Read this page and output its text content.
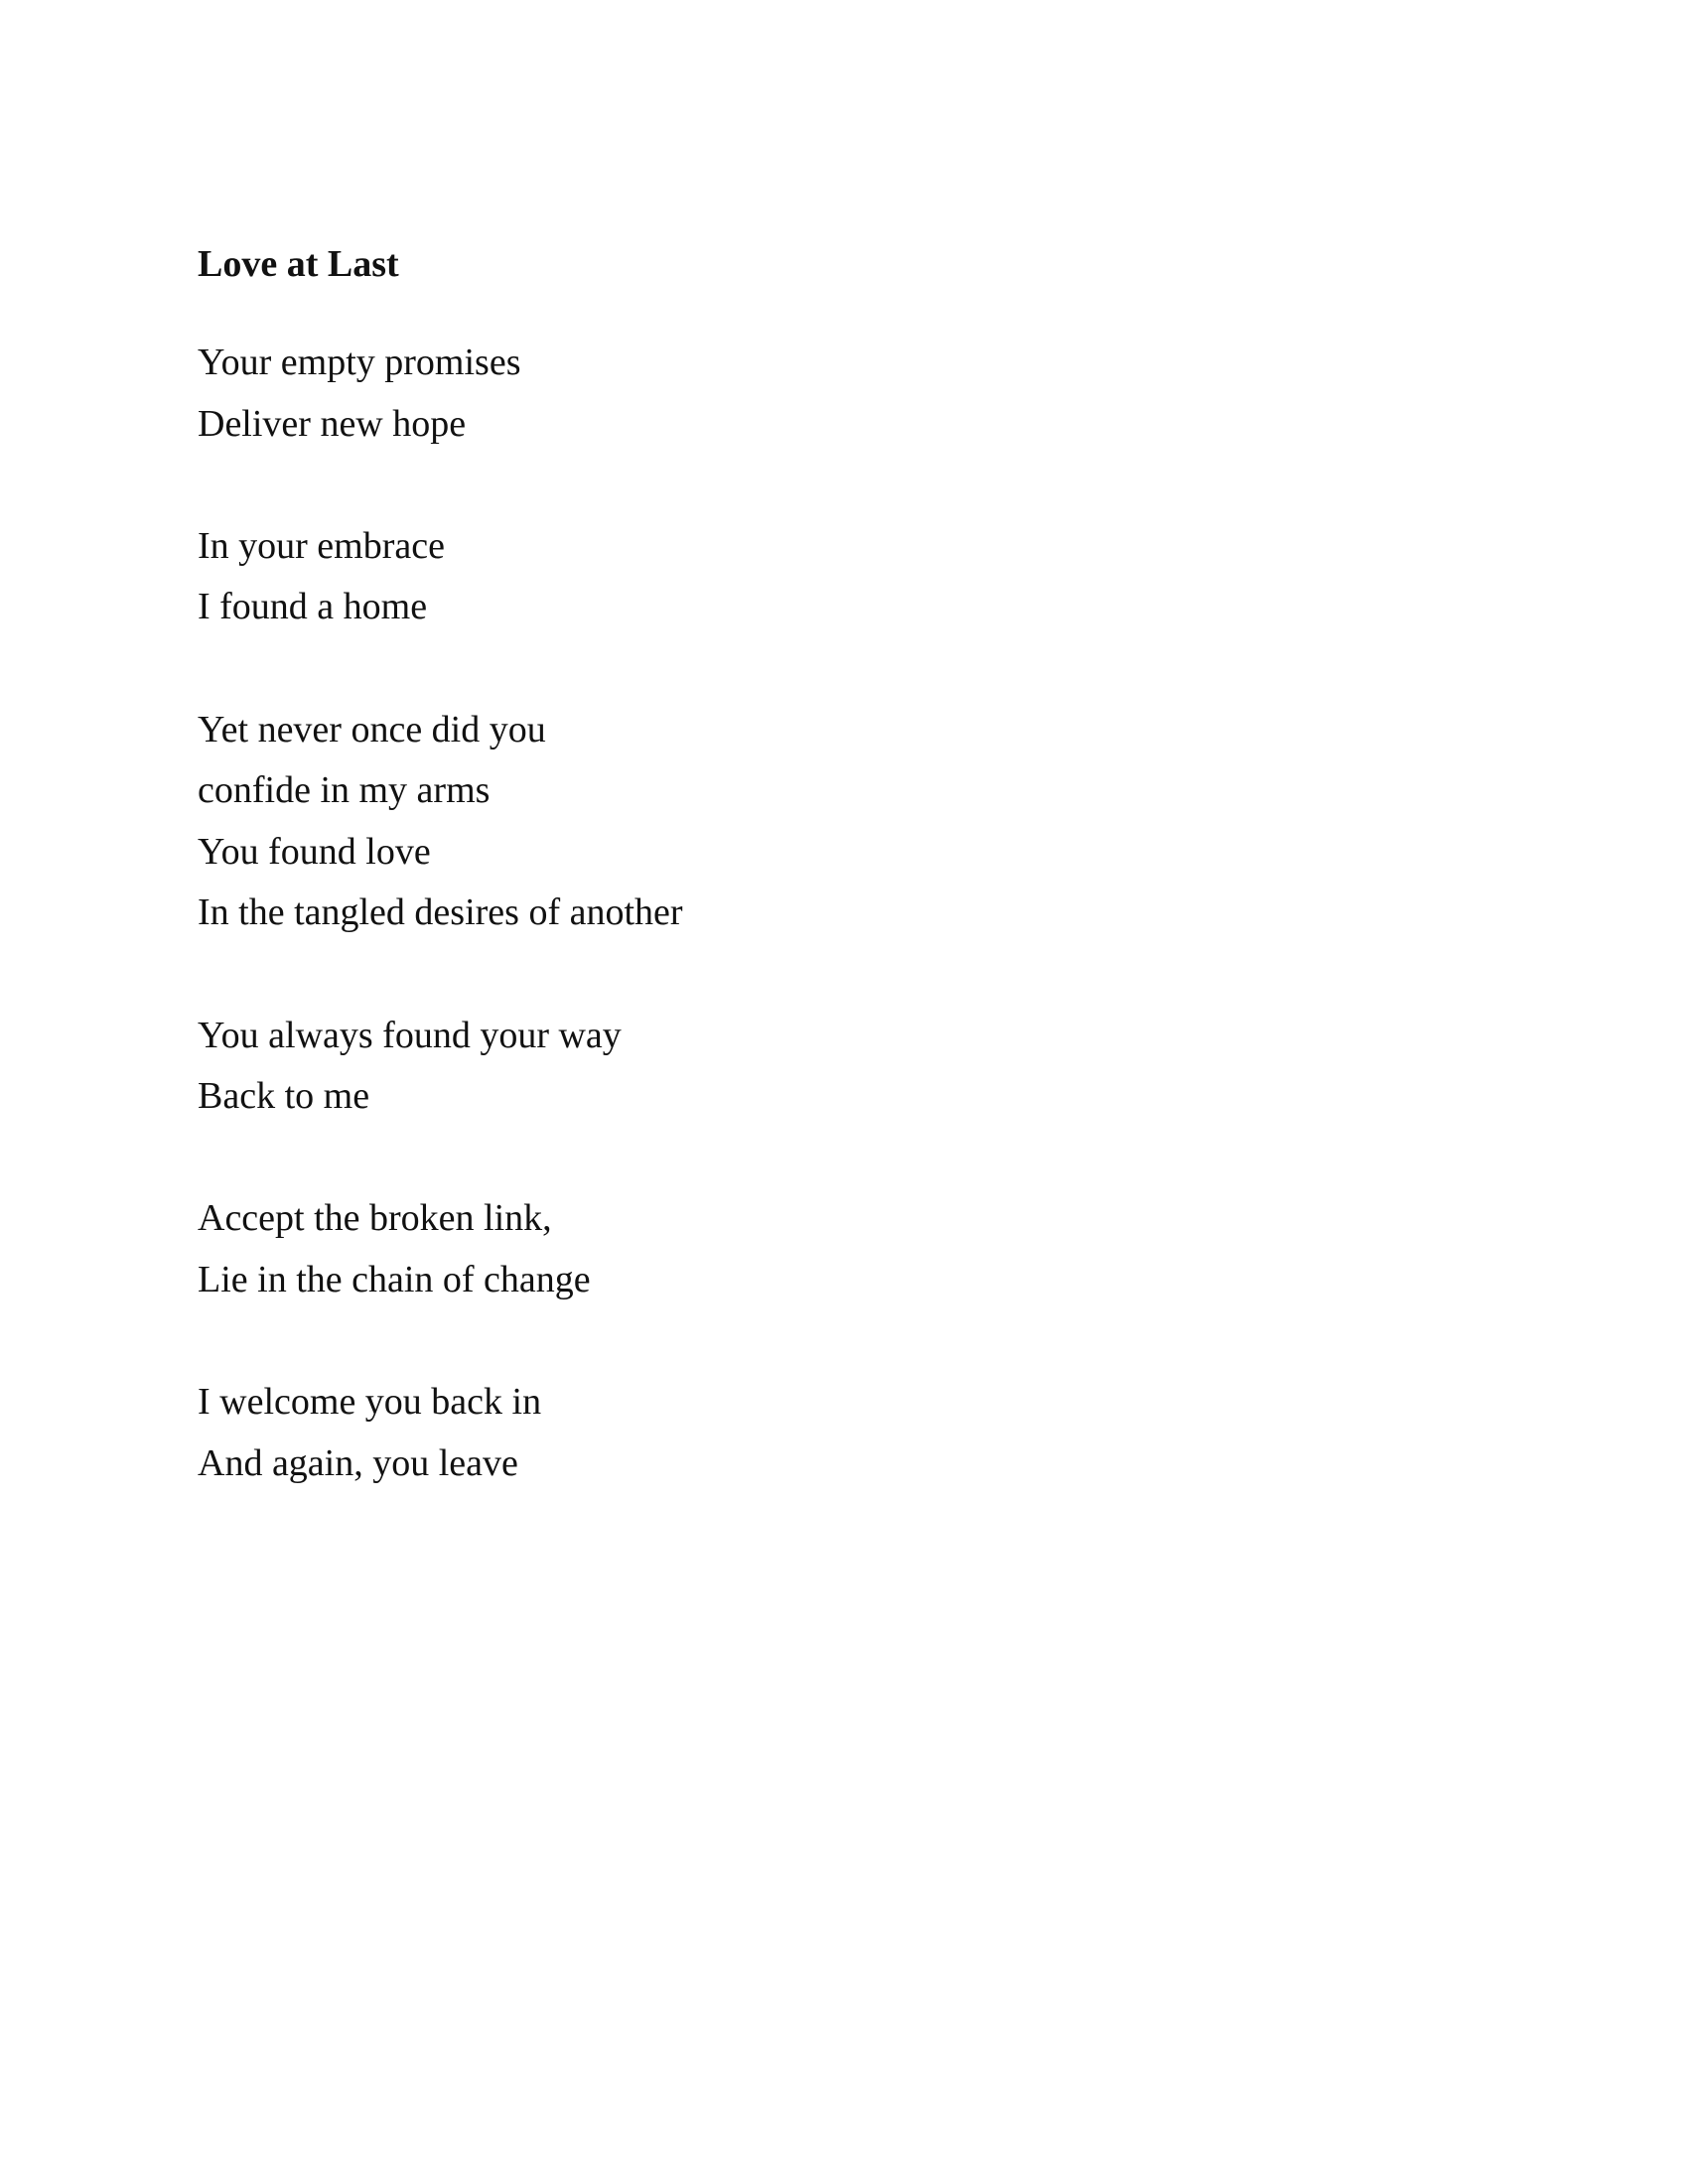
Love at Last
Your empty promises
Deliver new hope
In your embrace
I found a home
Yet never once did you
confide in my arms
You found love
In the tangled desires of another
You always found your way
Back to me
Accept the broken link,
Lie in the chain of change
I welcome you back in
And again, you leave
